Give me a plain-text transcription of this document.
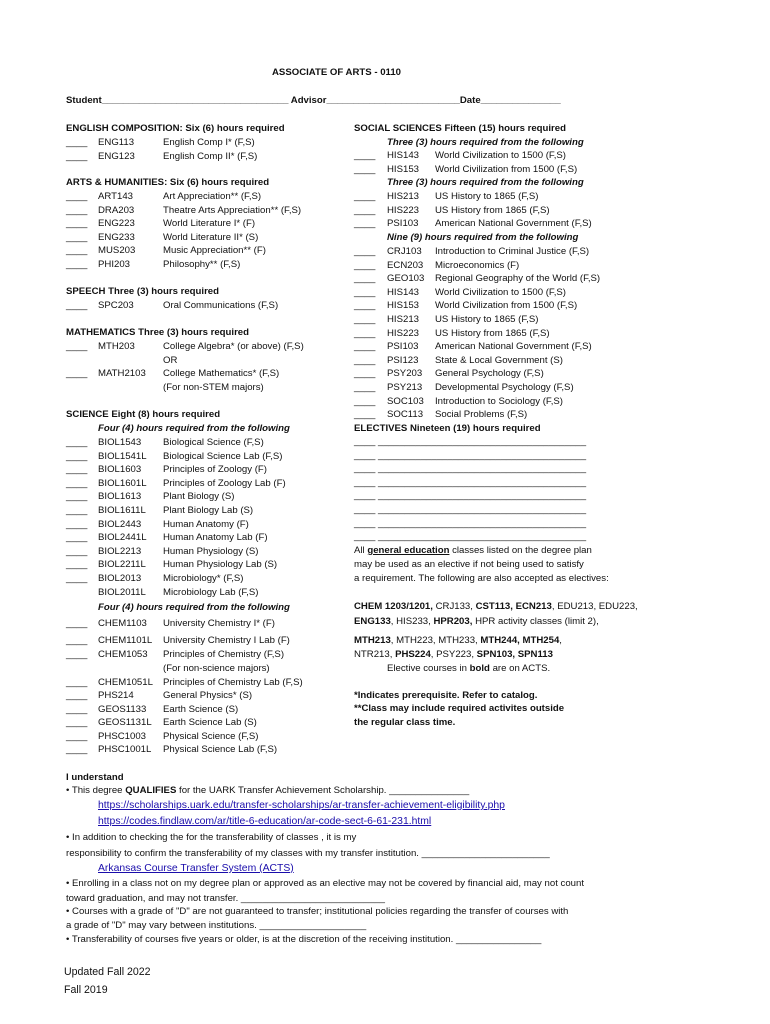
ASSOCIATE OF ARTS - 0110
Student___________________________________ Advisor_________________________Date_______________
ENGLISH COMPOSITION: Six (6) hours required
____ ENG113	English Comp I* (F,S)
____ ENG123	English Comp II* (F,S)
ARTS & HUMANITIES: Six (6) hours required
____ ART143	Art Appreciation** (F,S)
____ DRA203	Theatre Arts Appreciation** (F,S)
____ ENG223	World Literature I* (F)
____ ENG233	World Literature II* (S)
____ MUS203	Music Appreciation** (F)
____ PHI203	Philosophy** (F,S)
SPEECH Three (3) hours required
____ SPC203	Oral Communications (F,S)
MATHEMATICS Three (3) hours required
____ MTH203	College Algebra* (or above) (F,S)
OR
____ MATH2103 College Mathematics* (F,S)
(For non-STEM majors)
SCIENCE Eight (8) hours required
Four (4) hours required from the following
____ BIOL1543 Biological Science (F,S)
____ BIOL1541L Biological Science Lab (F,S)
____ BIOL1603 Principles of Zoology (F)
____ BIOL1601L Principles of Zoology Lab (F)
____ BIOL1613 Plant Biology (S)
____ BIOL1611L Plant Biology Lab (S)
____ BIOL2443 Human Anatomy (F)
____ BIOL2441L Human Anatomy Lab (F)
____ BIOL2213 Human Physiology (S)
____ BIOL2211L Human Physiology Lab (S)
____ BIOL2013 Microbiology* (F,S)
BIOL2011L Microbiology Lab (F,S)
Four (4) hours required from the following
____ CHEM1103 University Chemistry I* (F)
____ CHEM1101L University Chemistry I Lab (F)
____ CHEM1053 Principles of Chemistry (F,S)
(For non-science majors)
____ CHEM1051L Principles of Chemistry Lab (F,S)
____ PHS214	General Physics* (S)
____ GEOS1133 Earth Science (S)
____ GEOS1131L Earth Science Lab (S)
____ PHSC1003 Physical Science (F,S)
____ PHSC1001L Physical Science Lab (F,S)
SOCIAL SCIENCES Fifteen (15) hours required
Three (3) hours required from the following
____ HIS143 World Civilization to 1500 (F,S)
____ HIS153 World Civilization from 1500 (F,S)
Three (3) hours required from the following
____ HIS213 US History to 1865 (F,S)
____ HIS223 US History from 1865 (F,S)
____ PSI103 American National Government (F,S)
Nine (9) hours required from the following
____ CRJ103 Introduction to Criminal Justice (F,S)
____ ECN203 Microeconomics (F)
____ GEO103 Regional Geography of the World (F,S)
____ HIS143 World Civilization to 1500 (F,S)
____ HIS153 World Civilization from 1500 (F,S)
____ HIS213 US History to 1865 (F,S)
____ HIS223 US History from 1865 (F,S)
____ PSI103 American National Government (F,S)
____ PSI123 State & Local Government (S)
____ PSY203 General Psychology (F,S)
____ PSY213 Developmental Psychology (F,S)
____ SOC103 Introduction to Sociology (F,S)
____ SOC113 Social Problems (F,S)
ELECTIVES Nineteen (19) hours required
____ _______________________________________
____ _______________________________________
____ _______________________________________
____ _______________________________________
____ _______________________________________
____ _______________________________________
____ _______________________________________
____ _______________________________________
All general education classes listed on the degree plan
may be used as an elective if not being used to satisfy
a requirement. The following are also accepted as electives:
CHEM 1203/1201, CRJ133, CST113, ECN213, EDU213, EDU223,
ENG133, HIS233, HPR203, HPR activity classes (limit 2),
MTH213, MTH223, MTH233, MTH244, MTH254,
NTR213, PHS224, PSY223, SPN103, SPN113
Elective courses in bold are on ACTS.
*Indicates prerequisite. Refer to catalog.
**Class may include required activites outside
the regular class time.
I understand
• This degree QUALIFIES for the UARK Transfer Achievement Scholarship. _______________
https://scholarships.uark.edu/transfer-scholarships/ar-transfer-achievement-eligibility.php
https://codes.findlaw.com/ar/title-6-education/ar-code-sect-6-61-231.html
• In addition to checking the for the transferability of classes , it is my
responsibility to confirm the transferability of my classes with my transfer institution. ________________________
Arkansas Course Transfer System (ACTS)
• Enrolling in a class not on my degree plan or approved as an elective may not be covered by financial aid, may not count
toward graduation, and may not transfer. ___________________________
• Courses with a grade of "D" are not guaranteed to transfer; institutional policies regarding the transfer of courses with
a grade of "D" may vary between institutions. ____________________
• Transferability of courses five years or older, is at the discretion of the receiving institution. ________________
Updated Fall 2022
Fall 2019
